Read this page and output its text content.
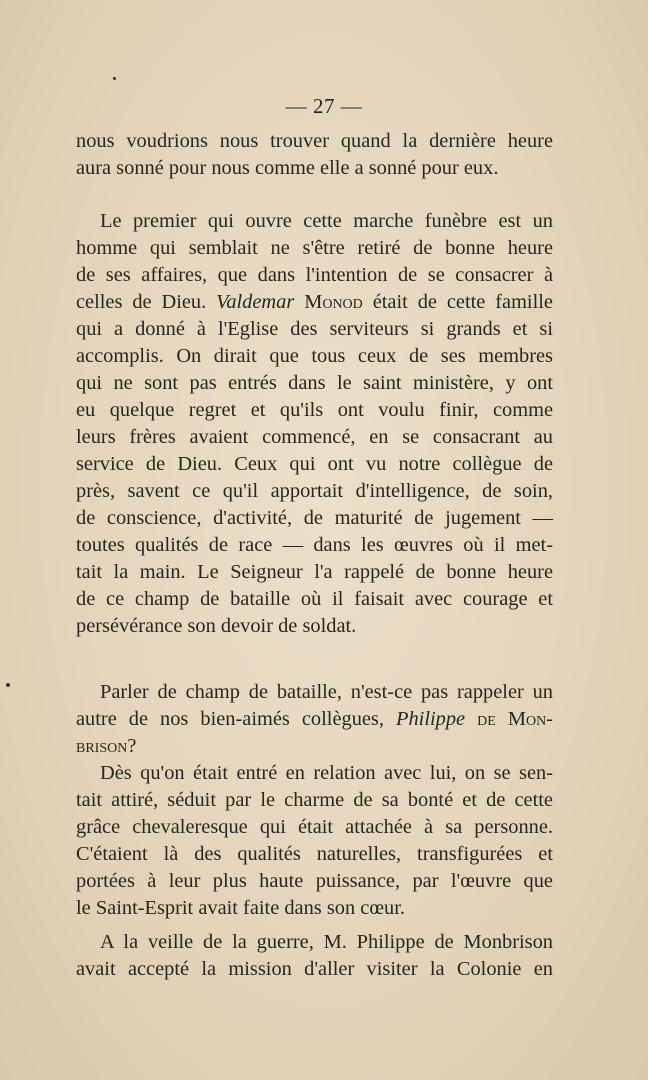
— 27 —
nous voudrions nous trouver quand la dernière heure
aura sonné pour nous comme elle a sonné pour eux.
Le premier qui ouvre cette marche funèbre est un
homme qui semblait ne s'être retiré de bonne heure
de ses affaires, que dans l'intention de se consacrer à
celles de Dieu. Valdemar Monod était de cette famille
qui a donné à l'Eglise des serviteurs si grands et si
accomplis. On dirait que tous ceux de ses membres
qui ne sont pas entrés dans le saint ministère, y ont
eu quelque regret et qu'ils ont voulu finir, comme
leurs frères avaient commencé, en se consacrant au
service de Dieu. Ceux qui ont vu notre collègue de
près, savent ce qu'il apportait d'intelligence, de soin,
de conscience, d'activité, de maturité de jugement —
toutes qualités de race — dans les œuvres où il met-
tait la main. Le Seigneur l'a rappelé de bonne heure
de ce champ de bataille où il faisait avec courage et
persévérance son devoir de soldat.
Parler de champ de bataille, n'est-ce pas rappeler un
autre de nos bien-aimés collègues, Philippe de Mon-
brison?
Dès qu'on était entré en relation avec lui, on se sen-
tait attiré, séduit par le charme de sa bonté et de cette
grâce chevaleresque qui était attachée à sa personne.
C'étaient là des qualités naturelles, transfigurées et
portées à leur plus haute puissance, par l'œuvre que
le Saint-Esprit avait faite dans son cœur.
A la veille de la guerre, M. Philippe de Monbrison
avait accepté la mission d'aller visiter la Colonie en
